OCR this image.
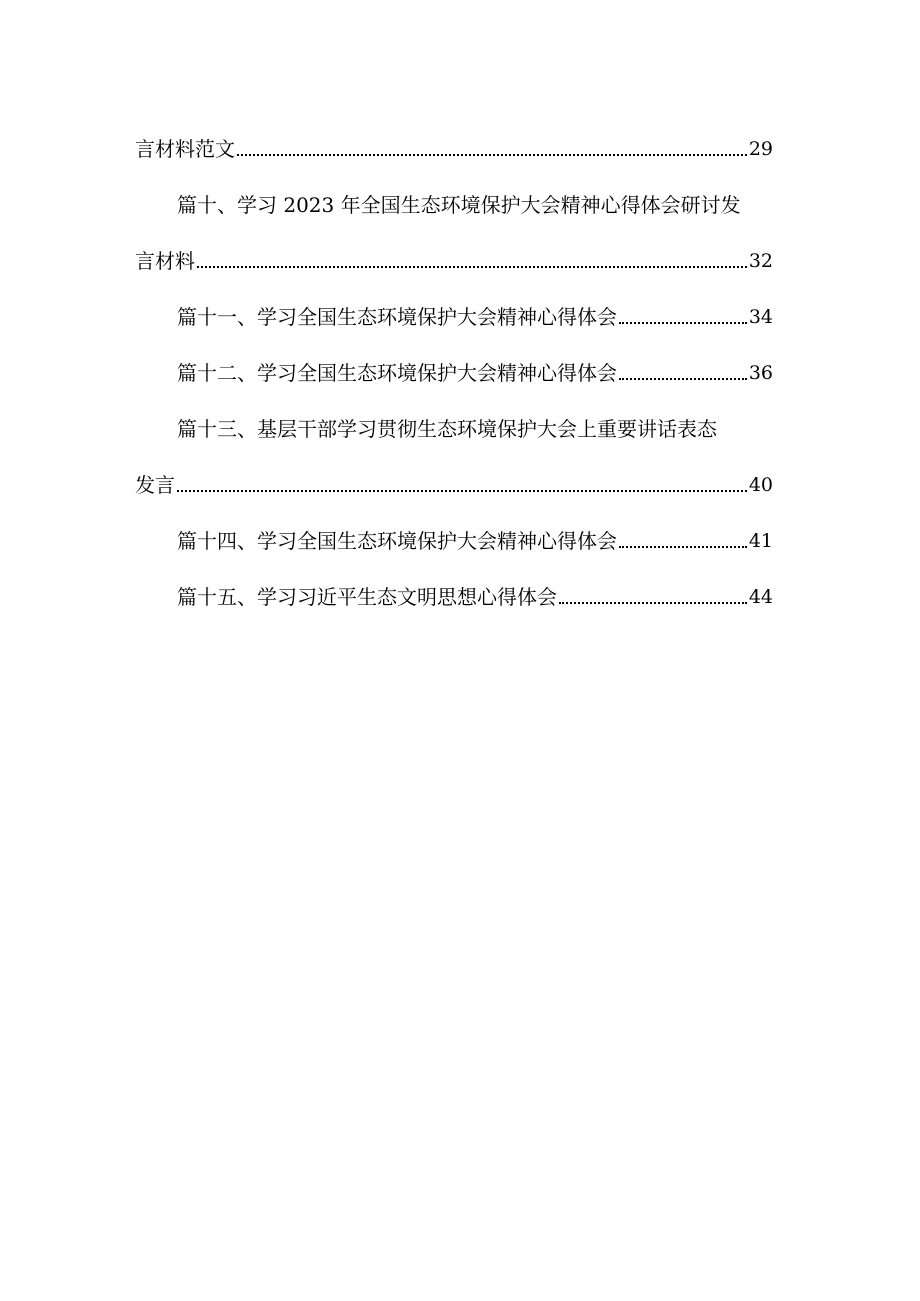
言材料范文	29
篇十、学习 2023 年全国生态环境保护大会精神心得体会研讨发
言材料	32
篇十一、学习全国生态环境保护大会精神心得体会	34
篇十二、学习全国生态环境保护大会精神心得体会	36
篇十三、基层干部学习贯彻生态环境保护大会上重要讲话表态
发言	40
篇十四、学习全国生态环境保护大会精神心得体会	41
篇十五、学习习近平生态文明思想心得体会	44
